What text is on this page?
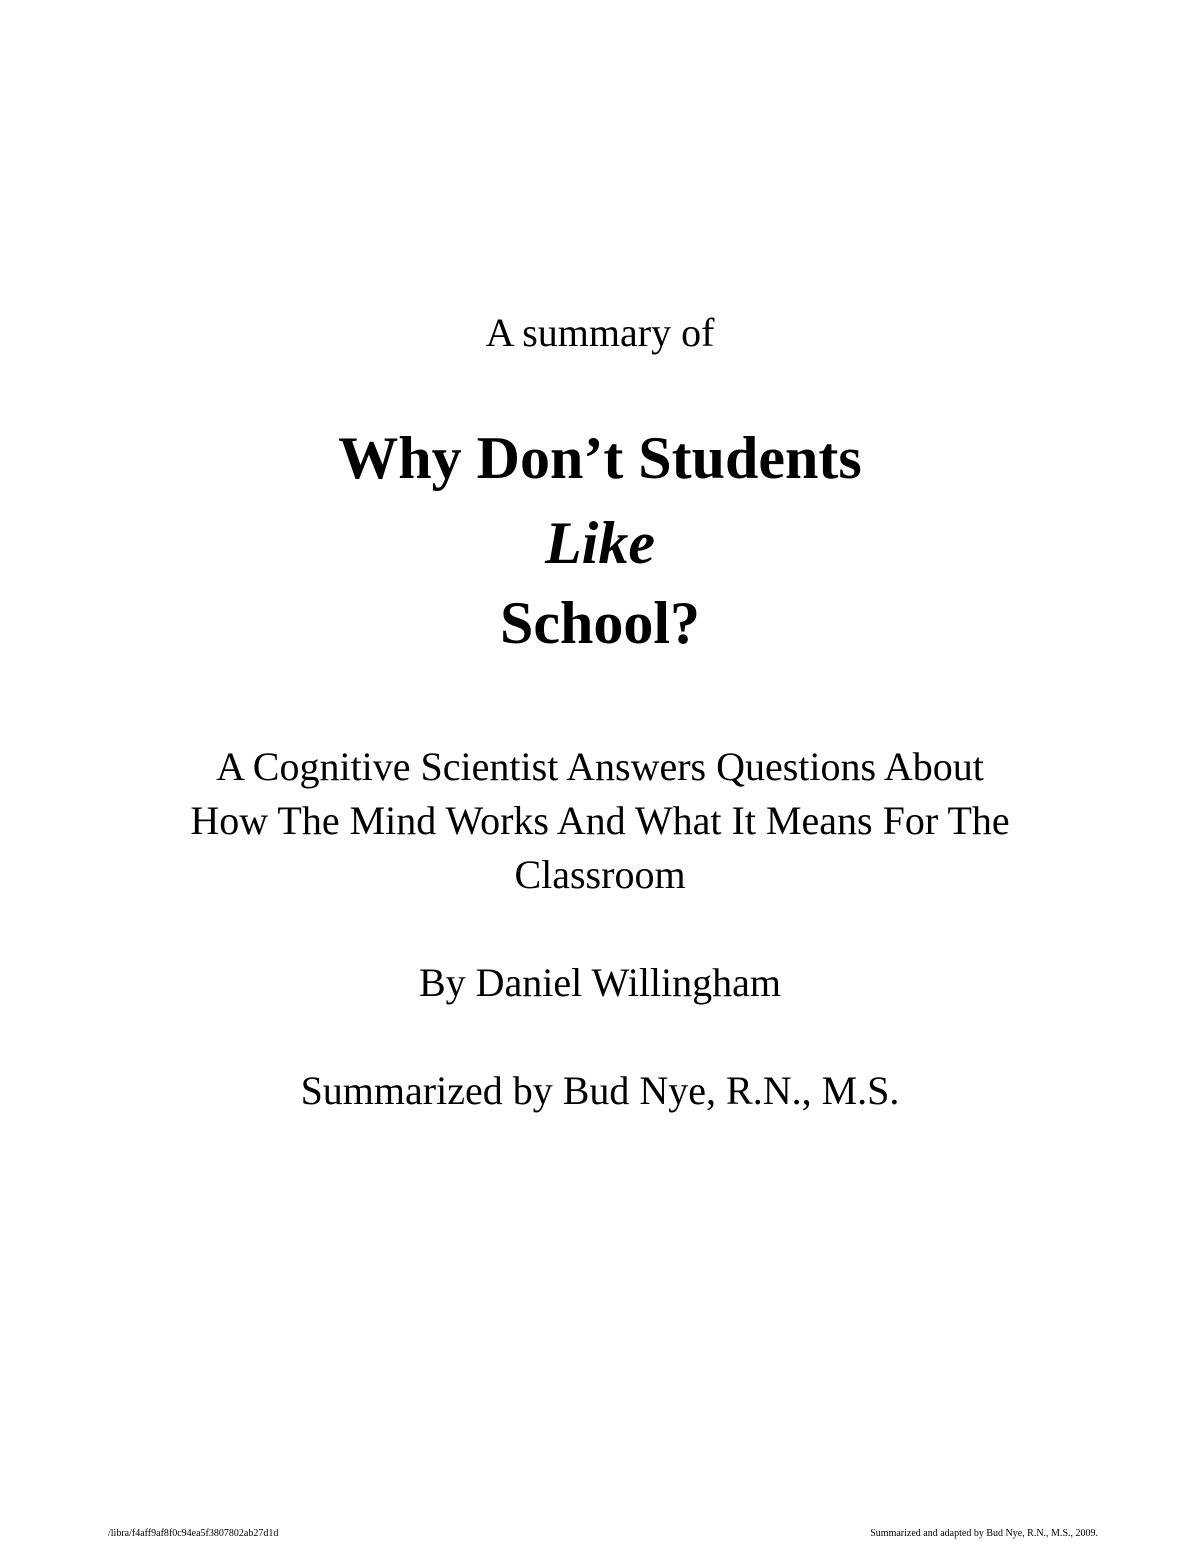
A summary of
Why Don’t Students
Like
School?
A Cognitive Scientist Answers Questions About
How The Mind Works And What It Means For The
Classroom
By Daniel Willingham
Summarized by Bud Nye, R.N., M.S.
/libra/f4aff9af8f0c94ea5f3807802ab27d1d	Summarized and adapted by Bud Nye, R.N., M.S., 2009.
